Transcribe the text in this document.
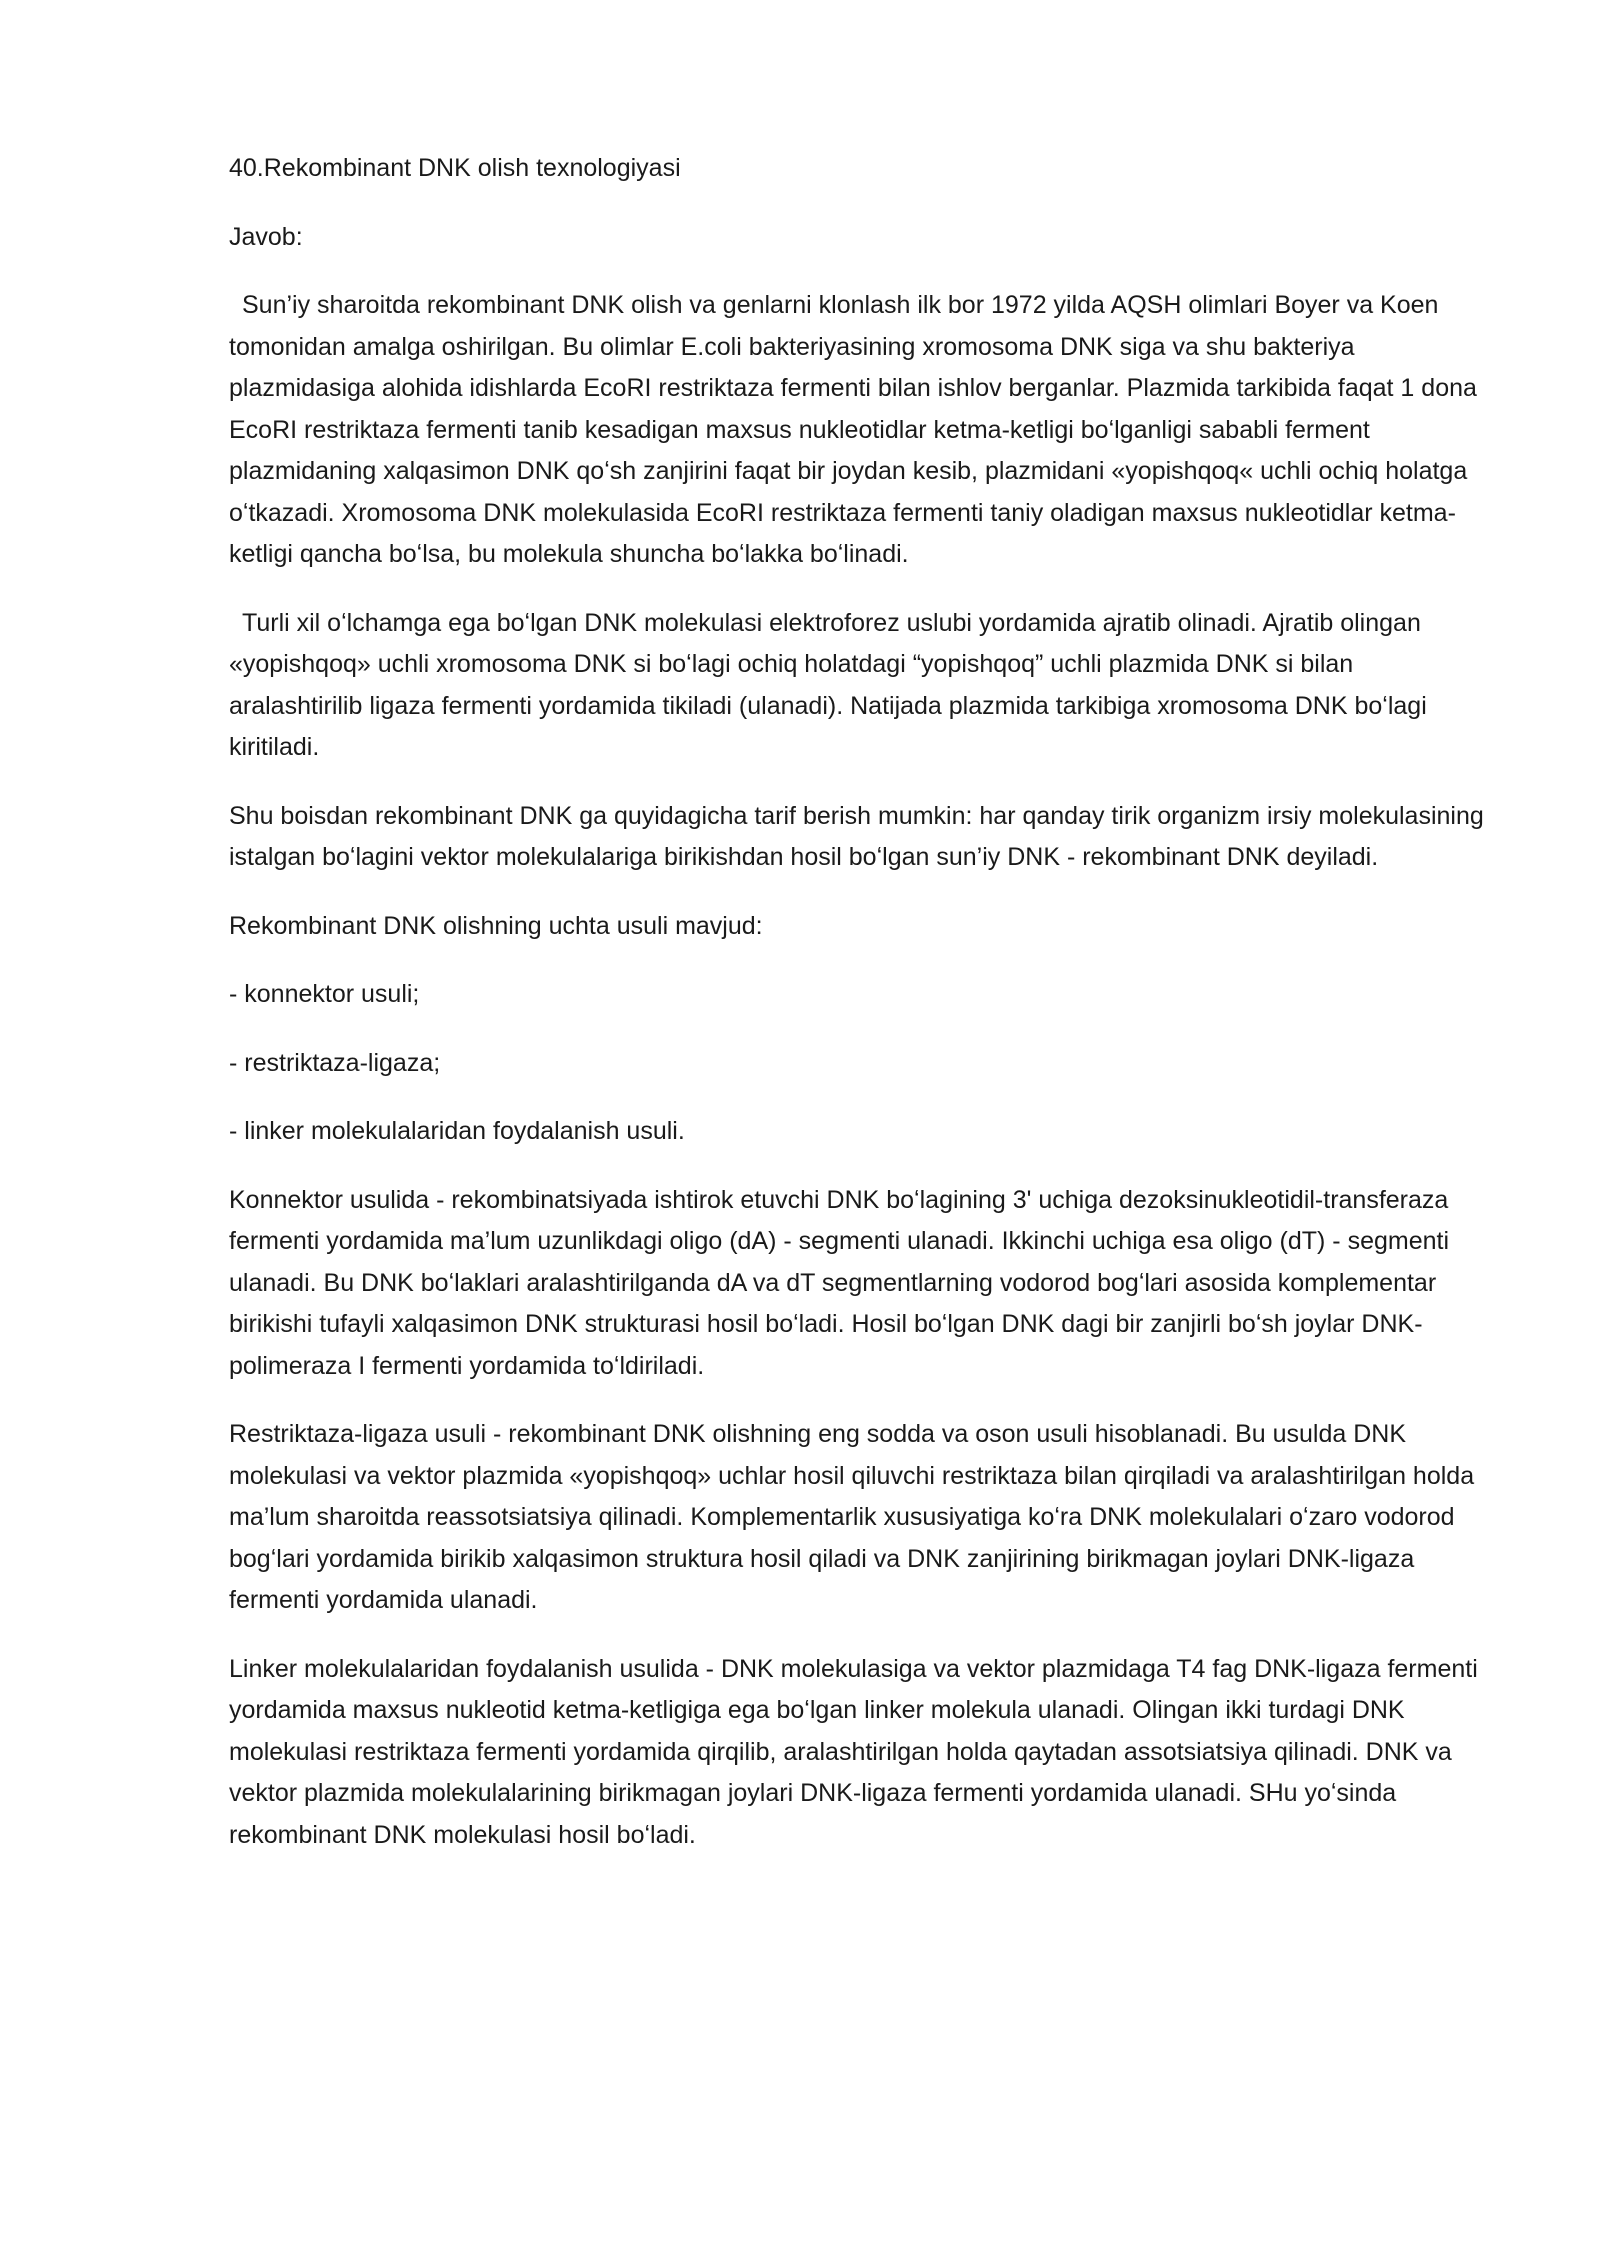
40.Rekombinant DNK olish texnologiyasi

Javob:

Sun’iy sharoitda rekombinant DNK olish va genlarni klonlash ilk bor 1972 yilda AQSH olimlari Boyer va Koen tomonidan amalga oshirilgan. Bu olimlar E.coli bakteriyasining xromosoma DNK siga va shu bakteriya plazmidasiga alohida idishlarda EcoRI restriktaza fermenti bilan ishlov berganlar. Plazmida tarkibida faqat 1 dona EcoRI restriktaza fermenti tanib kesadigan maxsus nukleotidlar ketma-ketligi boʻlganligi sababli ferment plazmidaning xalqasimon DNK qoʻsh zanjirini faqat bir joydan kesib, plazmidani «yopishqoq« uchli ochiq holatga oʻtkazadi. Xromosoma DNK molekulasida EcoRI restriktaza fermenti taniy oladigan maxsus nukleotidlar ketma-ketligi qancha boʻlsa, bu molekula shuncha boʻlakka boʻlinadi.

Turli xil oʻlchamga ega boʻlgan DNK molekulasi elektroforez uslubi yordamida ajratib olinadi. Ajratib olingan «yopishqoq» uchli xromosoma DNK si boʻlagi ochiq holatdagi “yopishqoq” uchli plazmida DNK si bilan aralashtirilib ligaza fermenti yordamida tikiladi (ulanadi). Natijada plazmida tarkibiga xromosoma DNK boʻlagi kiritiladi.

Shu boisdan rekombinant DNK ga quyidagicha tarif berish mumkin: har qanday tirik organizm irsiy molekulasining istalgan boʻlagini vektor molekulalariga birikishdan hosil boʻlgan sun’iy DNK - rekombinant DNK deyiladi.

Rekombinant DNK olishning uchta usuli mavjud:

- konnektor usuli;

- restriktaza-ligaza;

- linker molekulalaridan foydalanish usuli.

Konnektor usulida - rekombinatsiyada ishtirok etuvchi DNK boʻlagining 3' uchiga dezoksinukleotidil-transferaza fermenti yordamida ma’lum uzunlikdagi oligo (dA) - segmenti ulanadi. Ikkinchi uchiga esa oligo (dT) - segmenti ulanadi. Bu DNK boʻlaklari aralashtirilganda dA va dT segmentlarning vodorod bogʻlari asosida komplementar birikishi tufayli xalqasimon DNK strukturasi hosil boʻladi. Hosil boʻlgan DNK dagi bir zanjirli boʻsh joylar DNK-polimeraza I fermenti yordamida toʻldiriladi.

Restriktaza-ligaza usuli - rekombinant DNK olishning eng sodda va oson usuli hisoblanadi. Bu usulda DNK molekulasi va vektor plazmida «yopishqoq» uchlar hosil qiluvchi restriktaza bilan qirqiladi va aralashtirilgan holda ma’lum sharoitda reassotsiatsiya qilinadi. Komplementarlik xususiyatiga koʻra DNK molekulalari oʻzaro vodorod bogʻlari yordamida birikib xalqasimon struktura hosil qiladi va DNK zanjirining birikmagan joylari DNK-ligaza fermenti yordamida ulanadi.

Linker molekulalaridan foydalanish usulida - DNK molekulasiga va vektor plazmidaga T4 fag DNK-ligaza fermenti yordamida maxsus nukleotid ketma-ketligiga ega boʻlgan linker molekula ulanadi. Olingan ikki turdagi DNK molekulasi restriktaza fermenti yordamida qirqilib, aralashtirilgan holda qaytadan assotsiatsiya qilinadi. DNK va vektor plazmida molekulalarining birikmagan joylari DNK-ligaza fermenti yordamida ulanadi. SHu yoʻsinda rekombinant DNK molekulasi hosil boʻladi.
